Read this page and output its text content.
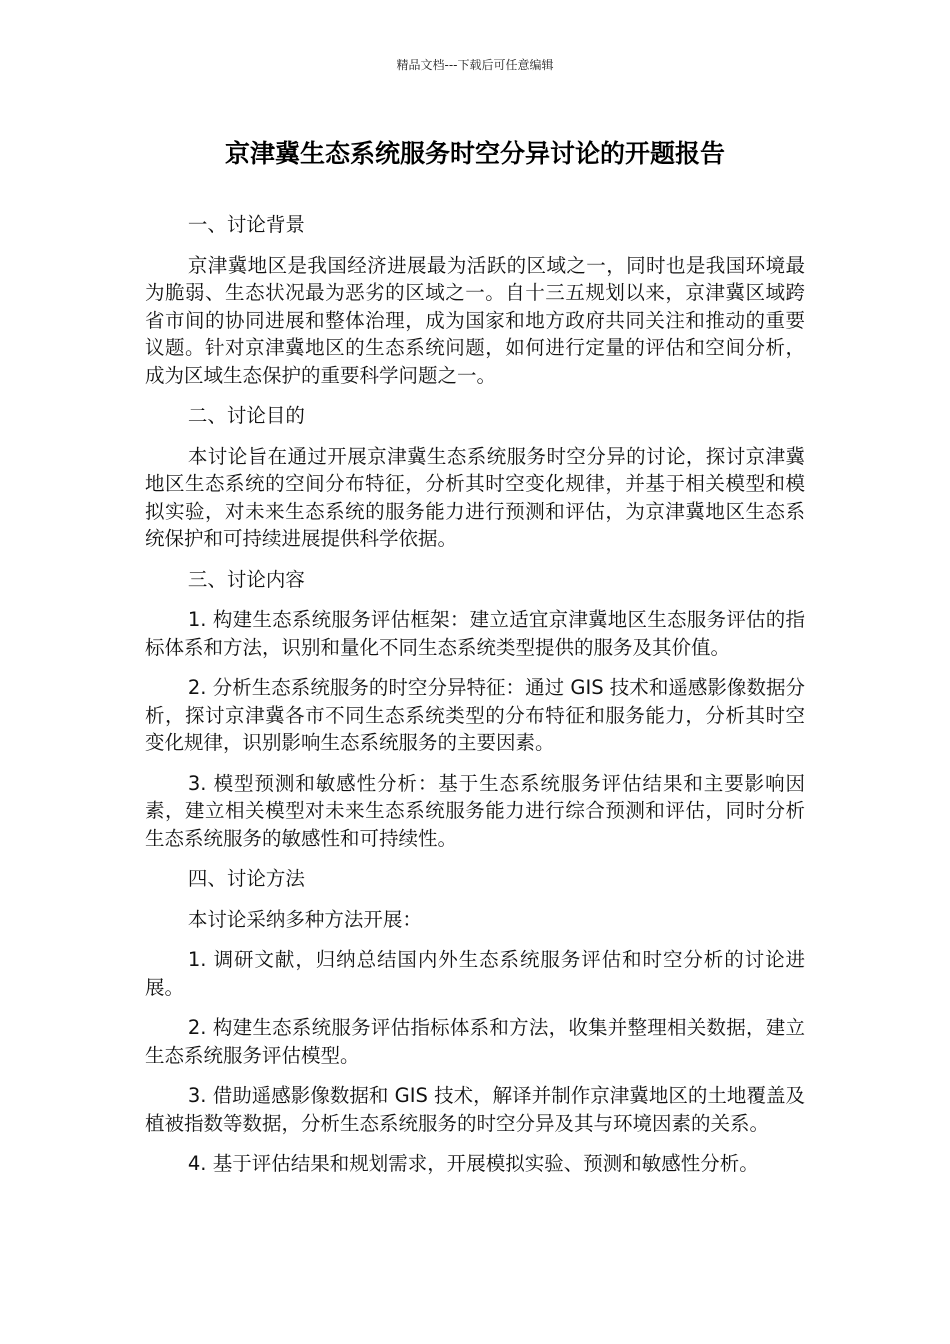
精品文档---下载后可任意编辑
京津冀生态系统服务时空分异讨论的开题报告
一、讨论背景

京津冀地区是我国经济进展最为活跃的区域之一，同时也是我国环境最为脆弱、生态状况最为恶劣的区域之一。自十三五规划以来，京津冀区域跨省市间的协同进展和整体治理，成为国家和地方政府共同关注和推动的重要议题。针对京津冀地区的生态系统问题，如何进行定量的评估和空间分析，成为区域生态保护的重要科学问题之一。

二、讨论目的

本讨论旨在通过开展京津冀生态系统服务时空分异的讨论，探讨京津冀地区生态系统的空间分布特征，分析其时空变化规律，并基于相关模型和模拟实验，对未来生态系统的服务能力进行预测和评估，为京津冀地区生态系统保护和可持续进展提供科学依据。

三、讨论内容

1. 构建生态系统服务评估框架：建立适宜京津冀地区生态服务评估的指标体系和方法，识别和量化不同生态系统类型提供的服务及其价值。

2. 分析生态系统服务的时空分异特征：通过 GIS 技术和遥感影像数据分析，探讨京津冀各市不同生态系统类型的分布特征和服务能力，分析其时空变化规律，识别影响生态系统服务的主要因素。

3. 模型预测和敏感性分析：基于生态系统服务评估结果和主要影响因素，建立相关模型对未来生态系统服务能力进行综合预测和评估，同时分析生态系统服务的敏感性和可持续性。

四、讨论方法

本讨论采纳多种方法开展：

1. 调研文献，归纳总结国内外生态系统服务评估和时空分析的讨论进展。

2. 构建生态系统服务评估指标体系和方法，收集并整理相关数据，建立生态系统服务评估模型。

3. 借助遥感影像数据和 GIS 技术，解译并制作京津冀地区的土地覆盖及植被指数等数据，分析生态系统服务的时空分异及其与环境因素的关系。

4. 基于评估结果和规划需求，开展模拟实验、预测和敏感性分析。
